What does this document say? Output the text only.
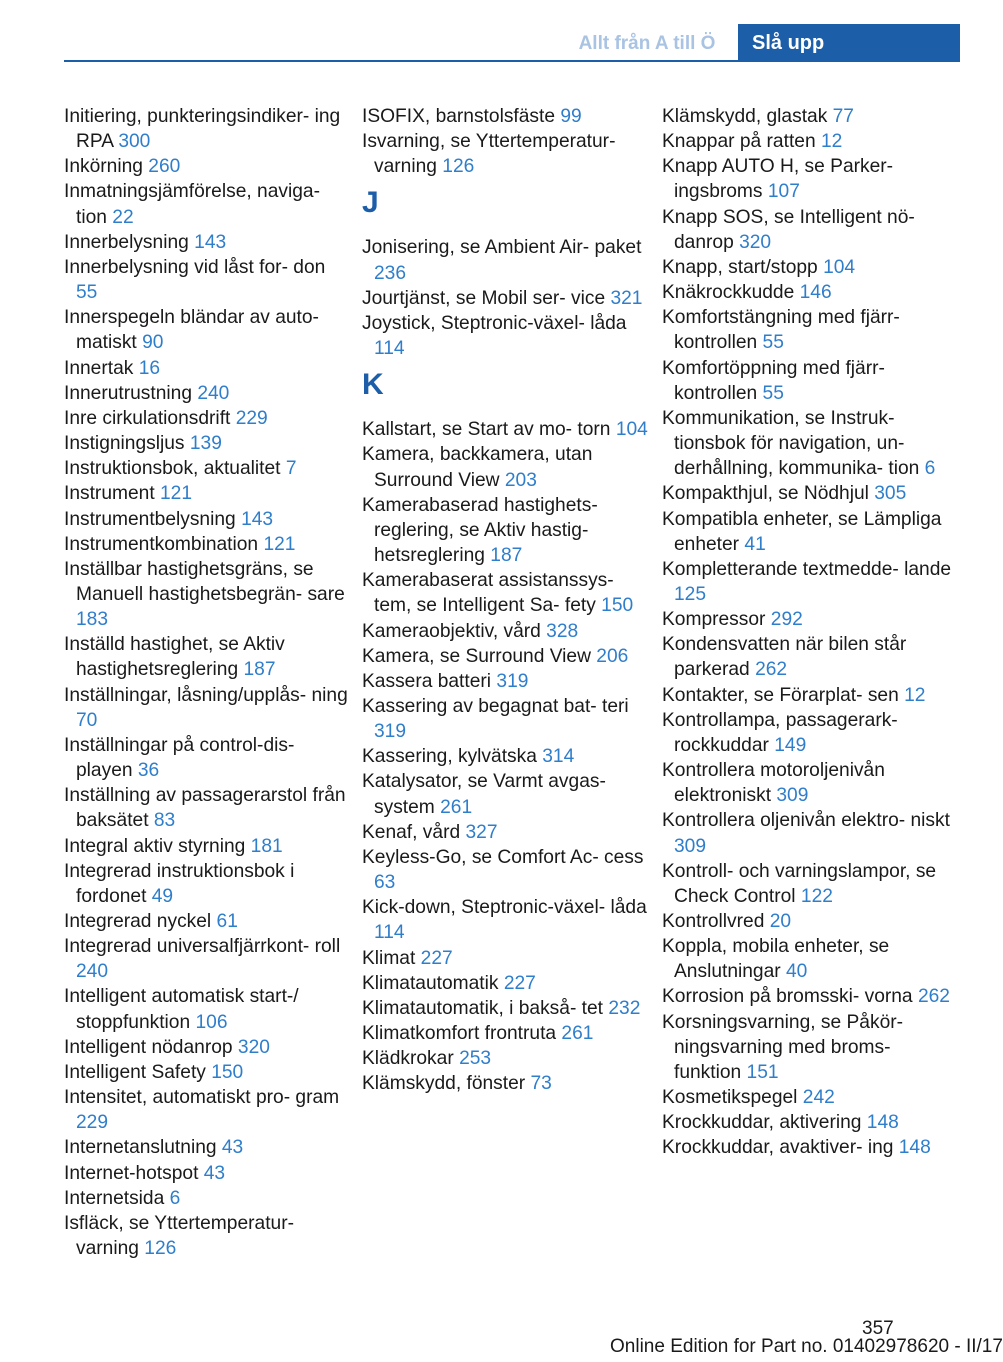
Allt från A till Ö	Slå upp
Initiering, punkteringsindiker- ing RPA 300
Inkörning 260
Inmatningsjämförelse, naviga- tion 22
Innerbelysning 143
Innerbelysning vid låst for- don 55
Innerspegeln bländar av auto- matiskt 90
Innertak 16
Innerutrustning 240
Inre cirkulationsdrift 229
Instigningsljus 139
Instruktionsbok, aktualitet 7
Instrument 121
Instrumentbelysning 143
Instrumentkombination 121
Inställbar hastighetsgräns, se Manuell hastighetsbegrän- sare 183
Inställd hastighet, se Aktiv hastighetsreglering 187
Inställningar, låsning/upplås- ning 70
Inställningar på control-dis- playen 36
Inställning av passagerarstol från baksätet 83
Integral aktiv styrning 181
Integrerad instruktionsbok i fordonet 49
Integrerad nyckel 61
Integrerad universalfjärrkont- roll 240
Intelligent automatisk start-/ stoppfunktion 106
Intelligent nödanrop 320
Intelligent Safety 150
Intensitet, automatiskt pro- gram 229
Internetanslutning 43
Internet-hotspot 43
Internetsida 6
Isfläck, se Yttertemperatur- varning 126
ISOFIX, barnstolsfäste 99
Isvarning, se Yttertemperatur- varning 126
J
Jonisering, se Ambient Air- paket 236
Jourtjänst, se Mobil ser- vice 321
Joystick, Steptronic-växel- låda 114
K
Kallstart, se Start av mo- torn 104
Kamera, backkamera, utan Surround View 203
Kamerabaserad hastighets- reglering, se Aktiv hastig- hetsreglering 187
Kamerabaserat assistanssys- tem, se Intelligent Sa- fety 150
Kameraobjektiv, vård 328
Kamera, se Surround View 206
Kassera batteri 319
Kassering av begagnat bat- teri 319
Kassering, kylvätska 314
Katalysator, se Varmt avgas- system 261
Kenaf, vård 327
Keyless-Go, se Comfort Ac- cess 63
Kick-down, Steptronic-växel- låda 114
Klimat 227
Klimatautomatik 227
Klimatautomatik, i bakså- tet 232
Klimatkomfort frontruta 261
Klädkrokar 253
Klämskydd, fönster 73
Klämskydd, glastak 77
Knappar på ratten 12
Knapp AUTO H, se Parker- ingsbroms 107
Knapp SOS, se Intelligent nö- danrop 320
Knapp, start/stopp 104
Knäkrockkudde 146
Komfortstängning med fjärr- kontrollen 55
Komfortöppning med fjärr- kontrollen 55
Kommunikation, se Instruk- tionsbok för navigation, un- derhållning, kommunika- tion 6
Kompakthjul, se Nödhjul 305
Kompatibla enheter, se Lämpliga enheter 41
Kompletterande textmedde- lande 125
Kompressor 292
Kondensvatten när bilen står parkerad 262
Kontakter, se Förarplat- sen 12
Kontrollampa, passagerark- rockkuddar 149
Kontrollera motoroljenivån elektroniskt 309
Kontrollera oljenivån elektro- niskt 309
Kontroll- och varningslampor, se Check Control 122
Kontrollvred 20
Koppla, mobila enheter, se Anslutningar 40
Korrosion på bromsski- vorna 262
Korsningsvarning, se Påkör- ningsvarning med broms- funktion 151
Kosmetikspegel 242
Krockkuddar, aktivering 148
Krockkuddar, avaktiver- ing 148
357
Online Edition for Part no. 01402978620 - II/17
